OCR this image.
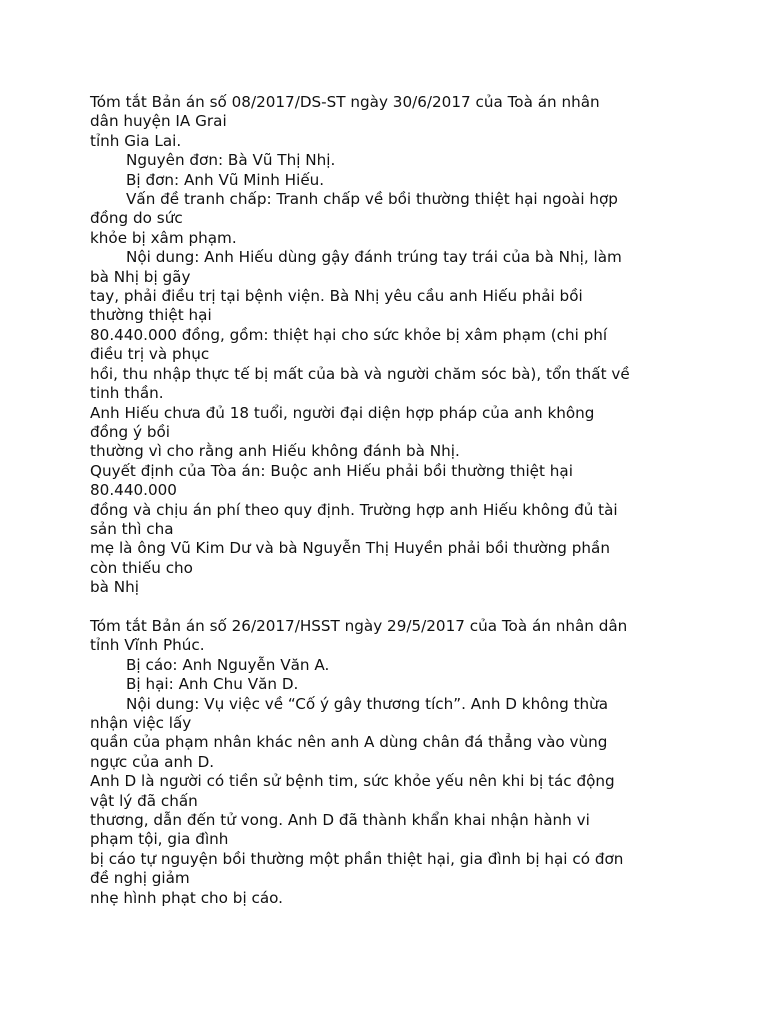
Tóm tắt Bản án số 08/2017/DS-ST ngày 30/6/2017 của Toà án nhân

dân huyện IA Grai

tỉnh Gia Lai.

Nguyên đơn: Bà Vũ Thị Nhị.

Bị đơn: Anh Vũ Minh Hiếu.

Vấn đề tranh chấp: Tranh chấp về bồi thường thiệt hại ngoài hợp

đồng do sức

khỏe bị xâm phạm.

Nội dung: Anh Hiếu dùng gậy đánh trúng tay trái của bà Nhị, làm

bà Nhị bị gãy

tay, phải điều trị tại bệnh viện. Bà Nhị yêu cầu anh Hiếu phải bồi

thường thiệt hại

80.440.000 đồng, gồm: thiệt hại cho sức khỏe bị xâm phạm (chi phí

điều trị và phục

hồi, thu nhập thực tế bị mất của bà và người chăm sóc bà), tổn thất về

tinh thần.

Anh Hiếu chưa đủ 18 tuổi, người đại diện hợp pháp của anh không

đồng ý bồi

thường vì cho rằng anh Hiếu không đánh bà Nhị.

Quyết định của Tòa án: Buộc anh Hiếu phải bồi thường thiệt hại

80.440.000

đồng và chịu án phí theo quy định. Trường hợp anh Hiếu không đủ tài

sản thì cha

mẹ là ông Vũ Kim Dư và bà Nguyễn Thị Huyền phải bồi thường phần

còn thiếu cho

bà Nhị

Tóm tắt Bản án số 26/2017/HSST ngày 29/5/2017 của Toà án nhân dân

tỉnh Vĩnh Phúc.

Bị cáo: Anh Nguyễn Văn A.

Bị hại: Anh Chu Văn D.

Nội dung: Vụ việc về “Cố ý gây thương tích”. Anh D không thừa

nhận việc lấy

quần của phạm nhân khác nên anh A dùng chân đá thẳng vào vùng

ngực của anh D.

Anh D là người có tiền sử bệnh tim, sức khỏe yếu nên khi bị tác động

vật lý đã chấn

thương, dẫn đến tử vong. Anh D đã thành khẩn khai nhận hành vi

phạm tội, gia đình

bị cáo tự nguyện bồi thường một phần thiệt hại, gia đình bị hại có đơn

đề nghị giảm

nhẹ hình phạt cho bị cáo.
